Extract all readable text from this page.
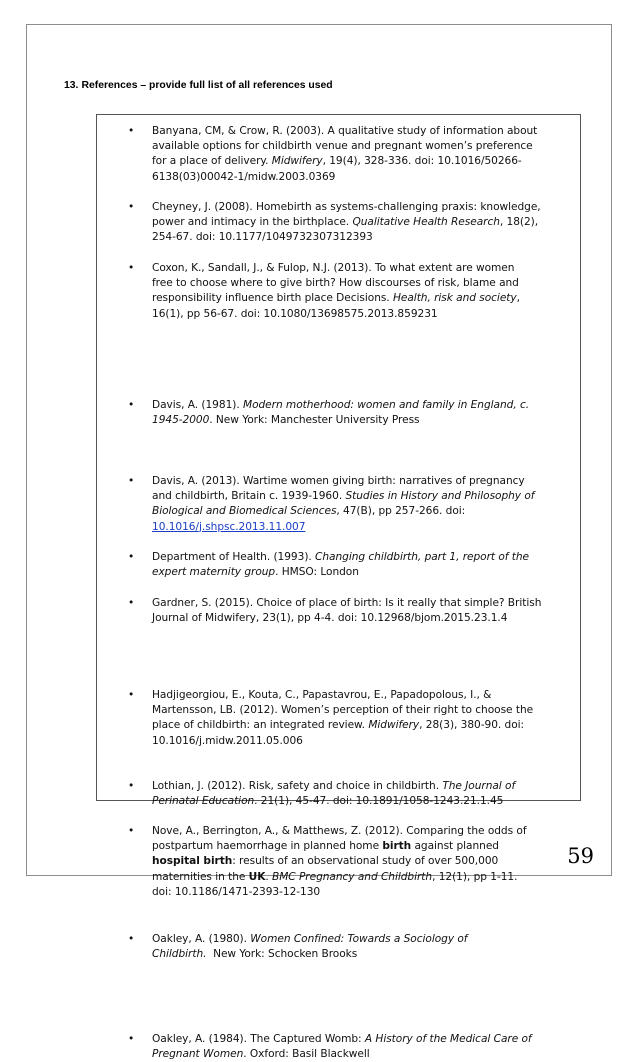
13. References – provide full list of all references used
• Banyana, CM, & Crow, R. (2003). A qualitative study of information about
available options for childbirth venue and pregnant women’s preference
for a place of delivery. Midwifery, 19(4), 328-336. doi: 10.1016/50266-
6138(03)00042-1/midw.2003.0369
• Cheyney, J. (2008). Homebirth as systems-challenging praxis: knowledge,
power and intimacy in the birthplace. Qualitative Health Research, 18(2),
254-67. doi: 10.1177/1049732307312393
• Coxon, K., Sandall, J., & Fulop, N.J. (2013). To what extent are women
free to choose where to give birth? How discourses of risk, blame and
responsibility influence birth place Decisions. Health, risk and society,
16(1), pp 56-67. doi: 10.1080/13698575.2013.859231
• Davis, A. (1981). Modern motherhood: women and family in England, c.
1945-2000. New York: Manchester University Press
• Davis, A. (2013). Wartime women giving birth: narratives of pregnancy
and childbirth, Britain c. 1939-1960. Studies in History and Philosophy of
Biological and Biomedical Sciences, 47(B), pp 257-266. doi:
10.1016/j.shpsc.2013.11.007
• Department of Health. (1993). Changing childbirth, part 1, report of the
expert maternity group. HMSO: London
• Gardner, S. (2015). Choice of place of birth: Is it really that simple? British
Journal of Midwifery, 23(1), pp 4-4. doi: 10.12968/bjom.2015.23.1.4
• Hadjigeorgiou, E., Kouta, C., Papastavrou, E., Papadopolous, I., &
Martensson, LB. (2012). Women’s perception of their right to choose the
place of childbirth: an integrated review. Midwifery, 28(3), 380-90. doi:
10.1016/j.midw.2011.05.006
• Lothian, J. (2012). Risk, safety and choice in childbirth. The Journal of
Perinatal Education. 21(1), 45-47. doi: 10.1891/1058-1243.21.1.45
• Nove, A., Berrington, A., & Matthews, Z. (2012). Comparing the odds of
postpartum haemorrhage in planned home birth against planned
hospital birth: results of an observational study of over 500,000
maternities in the UK. BMC Pregnancy and Childbirth, 12(1), pp 1-11.
doi: 10.1186/1471-2393-12-130
• Oakley, A. (1980). Women Confined: Towards a Sociology of
Childbirth.  New York: Schocken Brooks
• Oakley, A. (1984). The Captured Womb: A History of the Medical Care of
Pregnant Women. Oxford: Basil Blackwell
59
